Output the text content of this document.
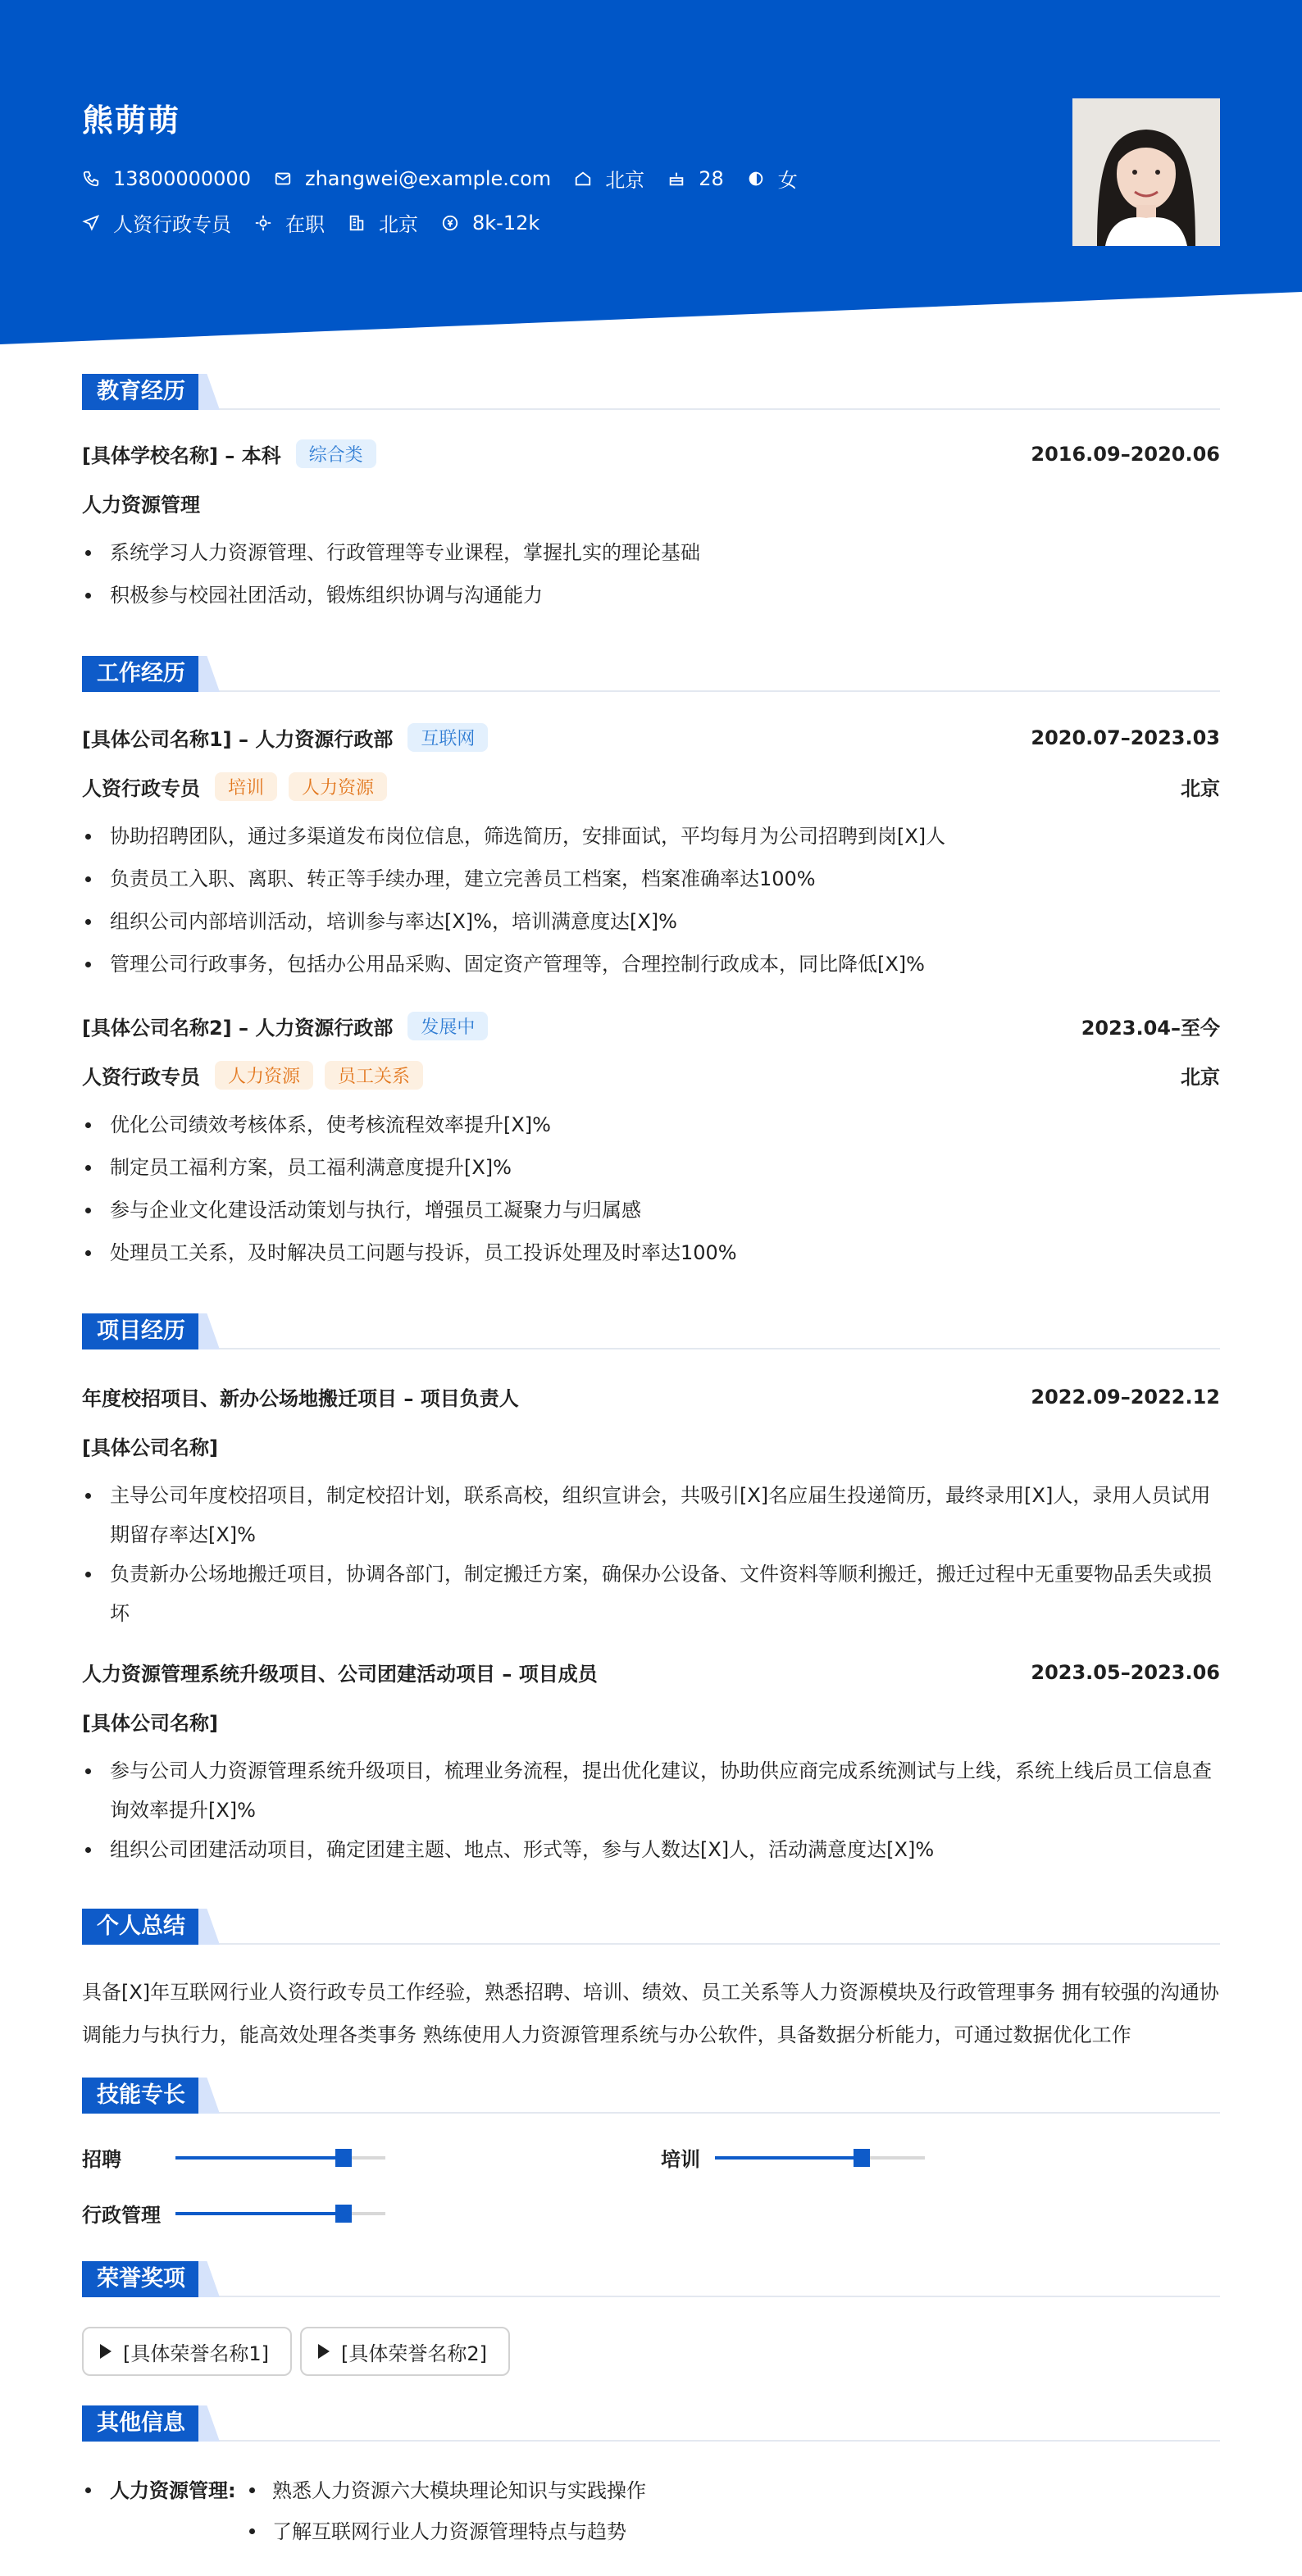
熊萌萌
13800000000	zhangwei@example.com	北京	28	女
人资行政专员	在职	北京	8k-12k
教育经历
[具体学校名称] – 本科	综合类	2016.09–2020.06
人力资源管理
系统学习人力资源管理、行政管理等专业课程，掌握扎实的理论基础
积极参与校园社团活动，锻炼组织协调与沟通能力
工作经历
[具体公司名称1] – 人力资源行政部	互联网	2020.07–2023.03
人资行政专员	培训	人力资源	北京
协助招聘团队，通过多渠道发布岗位信息，筛选简历，安排面试，平均每月为公司招聘到岗[X]人
负责员工入职、离职、转正等手续办理，建立完善员工档案，档案准确率达100%
组织公司内部培训活动，培训参与率达[X]%，培训满意度达[X]%
管理公司行政事务，包括办公用品采购、固定资产管理等，合理控制行政成本，同比降低[X]%
[具体公司名称2] – 人力资源行政部	发展中	2023.04–至今
人资行政专员	人力资源	员工关系	北京
优化公司绩效考核体系，使考核流程效率提升[X]%
制定员工福利方案，员工福利满意度提升[X]%
参与企业文化建设活动策划与执行，增强员工凝聚力与归属感
处理员工关系，及时解决员工问题与投诉，员工投诉处理及时率达100%
项目经历
年度校招项目、新办公场地搬迁项目 – 项目负责人	2022.09–2022.12
[具体公司名称]
主导公司年度校招项目，制定校招计划，联系高校，组织宣讲会，共吸引[X]名应届生投递简历，最终录用[X]人，录用人员试用期留存率达[X]%
负责新办公场地搬迁项目，协调各部门，制定搬迁方案，确保办公设备、文件资料等顺利搬迁，搬迁过程中无重要物品丢失或损坏
人力资源管理系统升级项目、公司团建活动项目 – 项目成员	2023.05–2023.06
[具体公司名称]
参与公司人力资源管理系统升级项目，梳理业务流程，提出优化建议，协助供应商完成系统测试与上线，系统上线后员工信息查询效率提升[X]%
组织公司团建活动项目，确定团建主题、地点、形式等，参与人数达[X]人，活动满意度达[X]%
个人总结
具备[X]年互联网行业人资行政专员工作经验，熟悉招聘、培训、绩效、员工关系等人力资源模块及行政管理事务 拥有较强的沟通协调能力与执行力，能高效处理各类事务 熟练使用人力资源管理系统与办公软件，具备数据分析能力，可通过数据优化工作
技能专长
招聘	培训
行政管理
荣誉奖项
[具体荣誉名称1]	[具体荣誉名称2]
其他信息
人力资源管理: 熟悉人力资源六大模块理论知识与实践操作
了解互联网行业人力资源管理特点与趋势
